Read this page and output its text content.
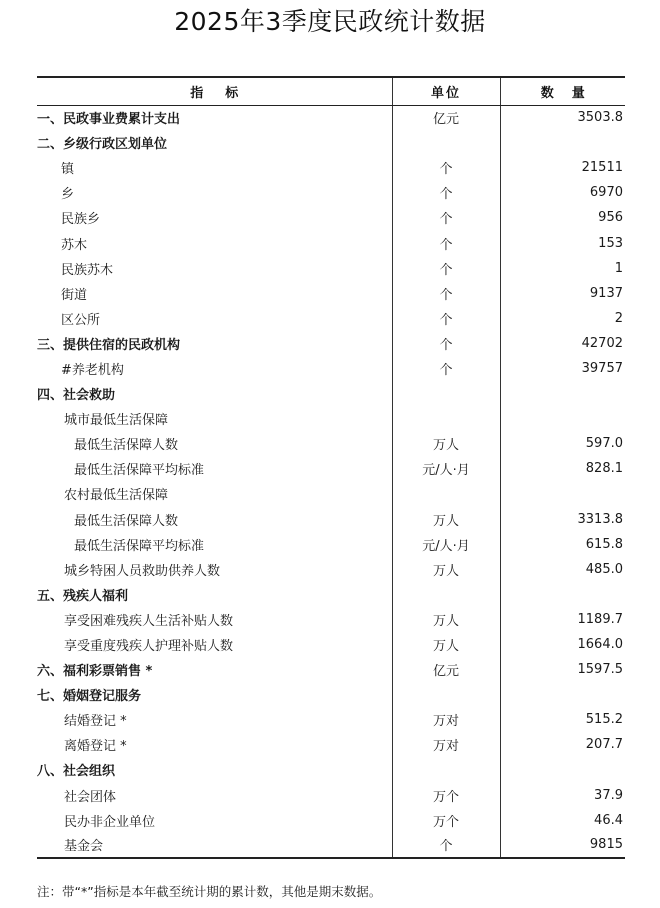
2025年3季度民政统计数据
指标	单位	数量
一、民政事业费累计支出	亿元	3503.8
二、乡级行政区划单位		
镇	个	21511
乡	个	6970
民族乡	个	956
苏木	个	153
民族苏木	个	1
街道	个	9137
区公所	个	2
三、提供住宿的民政机构	个	42702
#养老机构	个	39757
四、社会救助		
城市最低生活保障		
最低生活保障人数	万人	597.0
最低生活保障平均标准	元/人·月	828.1
农村最低生活保障		
最低生活保障人数	万人	3313.8
最低生活保障平均标准	元/人·月	615.8
城乡特困人员救助供养人数	万人	485.0
五、残疾人福利		
享受困难残疾人生活补贴人数	万人	1189.7
享受重度残疾人护理补贴人数	万人	1664.0
六、福利彩票销售 *	亿元	1597.5
七、婚姻登记服务		
结婚登记 *	万对	515.2
离婚登记 *	万对	207.7
八、社会组织		
社会团体	万个	37.9
民办非企业单位	万个	46.4
基金会	个	9815
注：带“*”指标是本年截至统计期的累计数，其他是期末数据。
